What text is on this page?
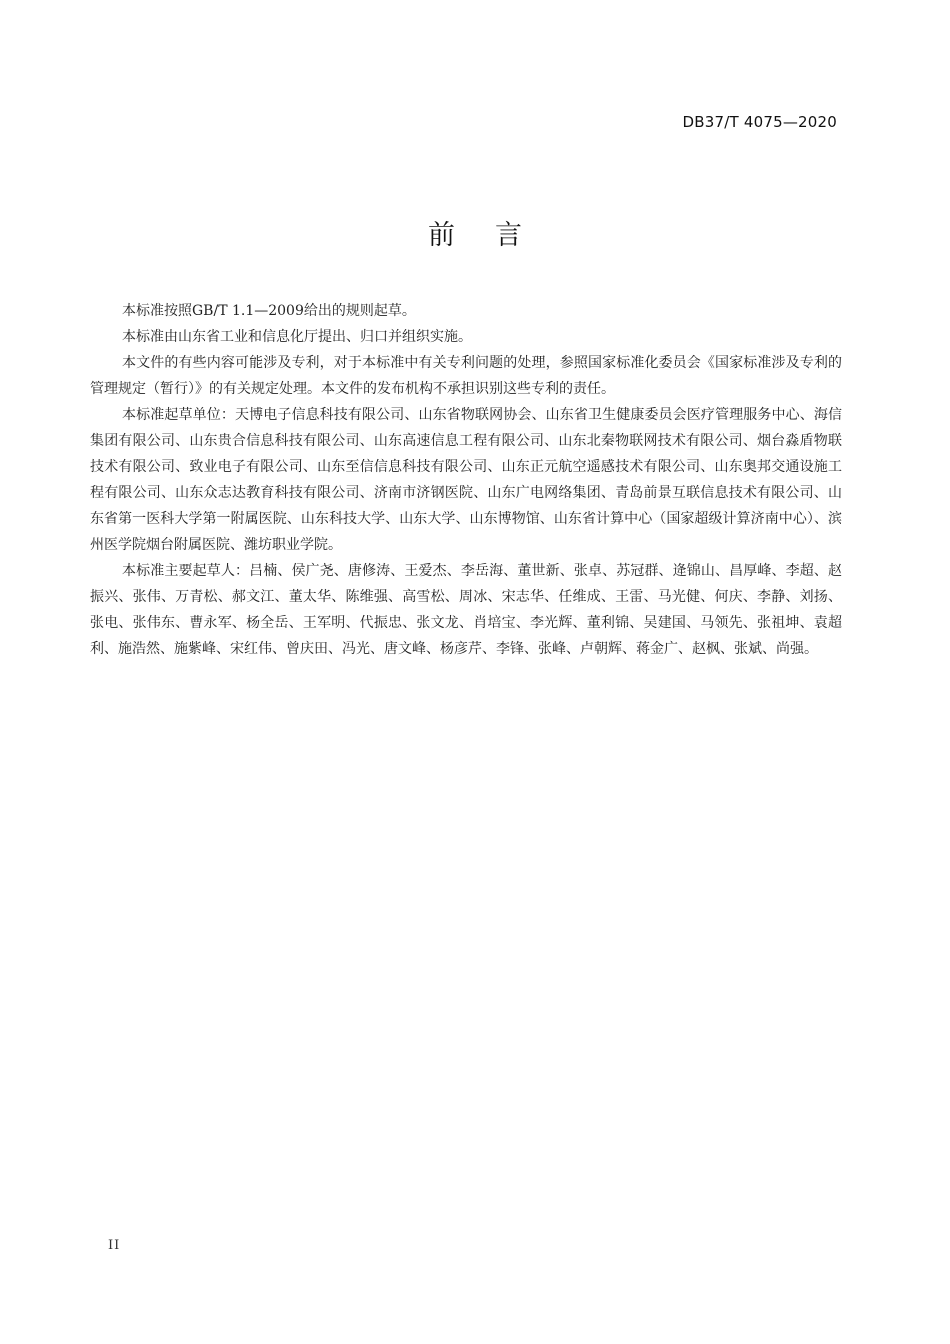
DB37/T 4075—2020
前言

本标准按照GB/T 1.1—2009给出的规则起草。

本标准由山东省工业和信息化厅提出、归口并组织实施。

本文件的有些内容可能涉及专利，对于本标准中有关专利问题的处理，参照国家标准化委员会《国家标准涉及专利的管理规定（暂行）》的有关规定处理。本文件的发布机构不承担识别这些专利的责任。

本标准起草单位：天博电子信息科技有限公司、山东省物联网协会、山东省卫生健康委员会医疗管理服务中心、海信集团有限公司、山东贵合信息科技有限公司、山东高速信息工程有限公司、山东北秦物联网技术有限公司、烟台淼盾物联技术有限公司、致业电子有限公司、山东至信信息科技有限公司、山东正元航空遥感技术有限公司、山东奥邦交通设施工程有限公司、山东众志达教育科技有限公司、济南市济钢医院、山东广电网络集团、青岛前景互联信息技术有限公司、山东省第一医科大学第一附属医院、山东科技大学、山东大学、山东博物馆、山东省计算中心（国家超级计算济南中心）、滨州医学院烟台附属医院、潍坊职业学院。

本标准主要起草人：吕楠、侯广尧、唐修涛、王爱杰、李岳海、董世新、张卓、苏冠群、逄锦山、昌厚峰、李超、赵振兴、张伟、万青松、郝文江、董太华、陈维强、高雪松、周冰、宋志华、任维成、王雷、马光健、何庆、李静、刘扬、张电、张伟东、曹永军、杨全岳、王军明、代振忠、张文龙、肖培宝、李光辉、董利锦、吴建国、马领先、张祖坤、袁超利、施浩然、施紫峰、宋红伟、曾庆田、冯光、唐文峰、杨彦芹、李锋、张峰、卢朝辉、蒋金广、赵枫、张斌、尚强。

II
